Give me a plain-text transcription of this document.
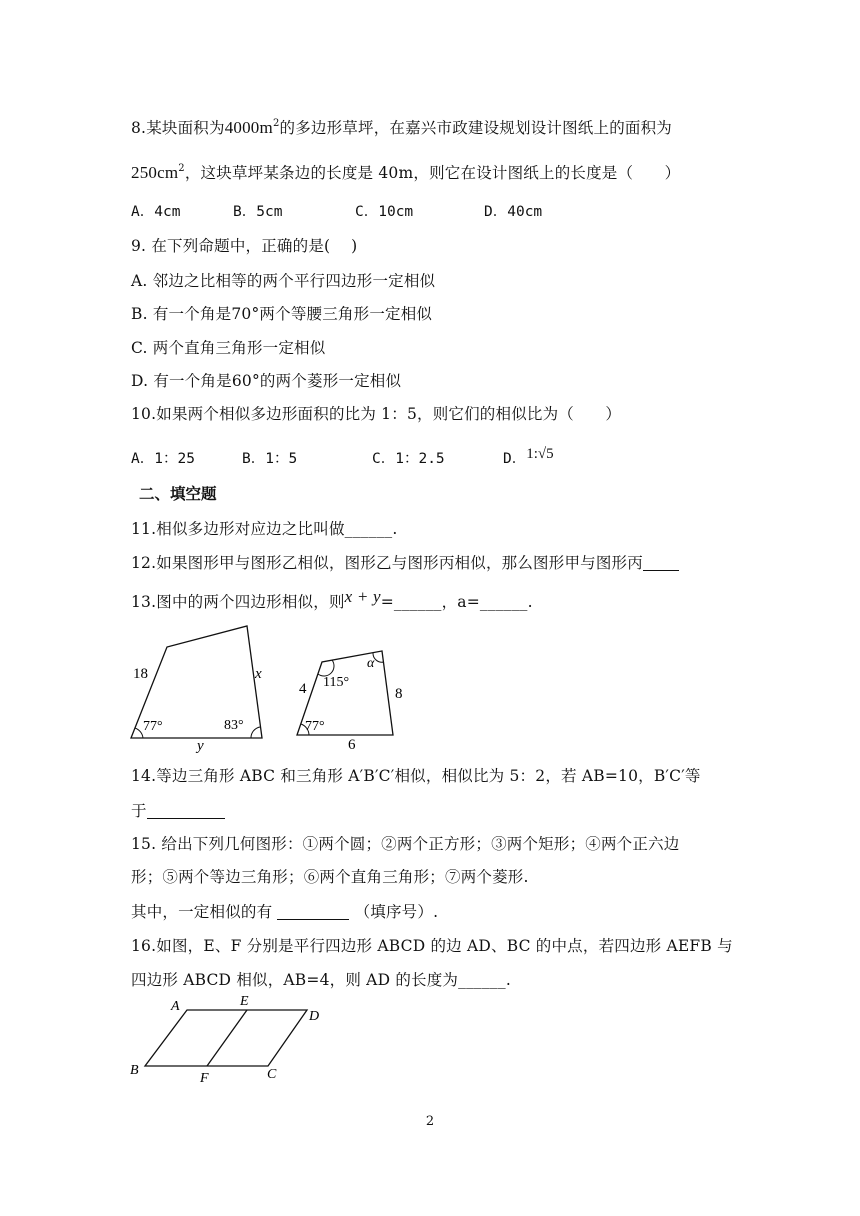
8.某块面积为$4000m^2$的多边形草坪，在嘉兴市政建设规划设计图纸上的面积为
$250cm^2$，这块草坪某条边的长度是 40m，则它在设计图纸上的长度是（　　）
A．4cm	B．5cm	C．10cm	D．40cm
9. 在下列命题中，正确的是(　 )
A. 邻边之比相等的两个平行四边形一定相似
B. 有一个角是70°两个等腰三角形一定相似
C. 两个直角三角形一定相似
D. 有一个角是60°的两个菱形一定相似
10.如果两个相似多边形面积的比为 1：5，则它们的相似比为（　　）
A．1：25	B．1：5	C．1：2.5	D．1:√5
二、填空题
11.相似多边形对应边之比叫做______.
12.如果图形甲与图形乙相似，图形乙与图形丙相似，那么图形甲与图形丙
13.图中的两个四边形相似，则x + y=______，a=______.
18	x
y
77°	83°
4	8
6
77°
115°
α
14.等边三角形 ABC 和三角形 A′B′C′相似，相似比为 5：2，若 AB=10，B′C′等
于
15. 给出下列几何图形：①两个圆；②两个正方形；③两个矩形；④两个正六边
形；⑤两个等边三角形；⑥两个直角三角形；⑦两个菱形.
其中，一定相似的有	（填序号）.
16.如图，E、F 分别是平行四边形 ABCD 的边 AD、BC 的中点，若四边形 AEFB 与
四边形 ABCD 相似，AB=4，则 AD 的长度为______.
A	E
D
B
F	C
2
